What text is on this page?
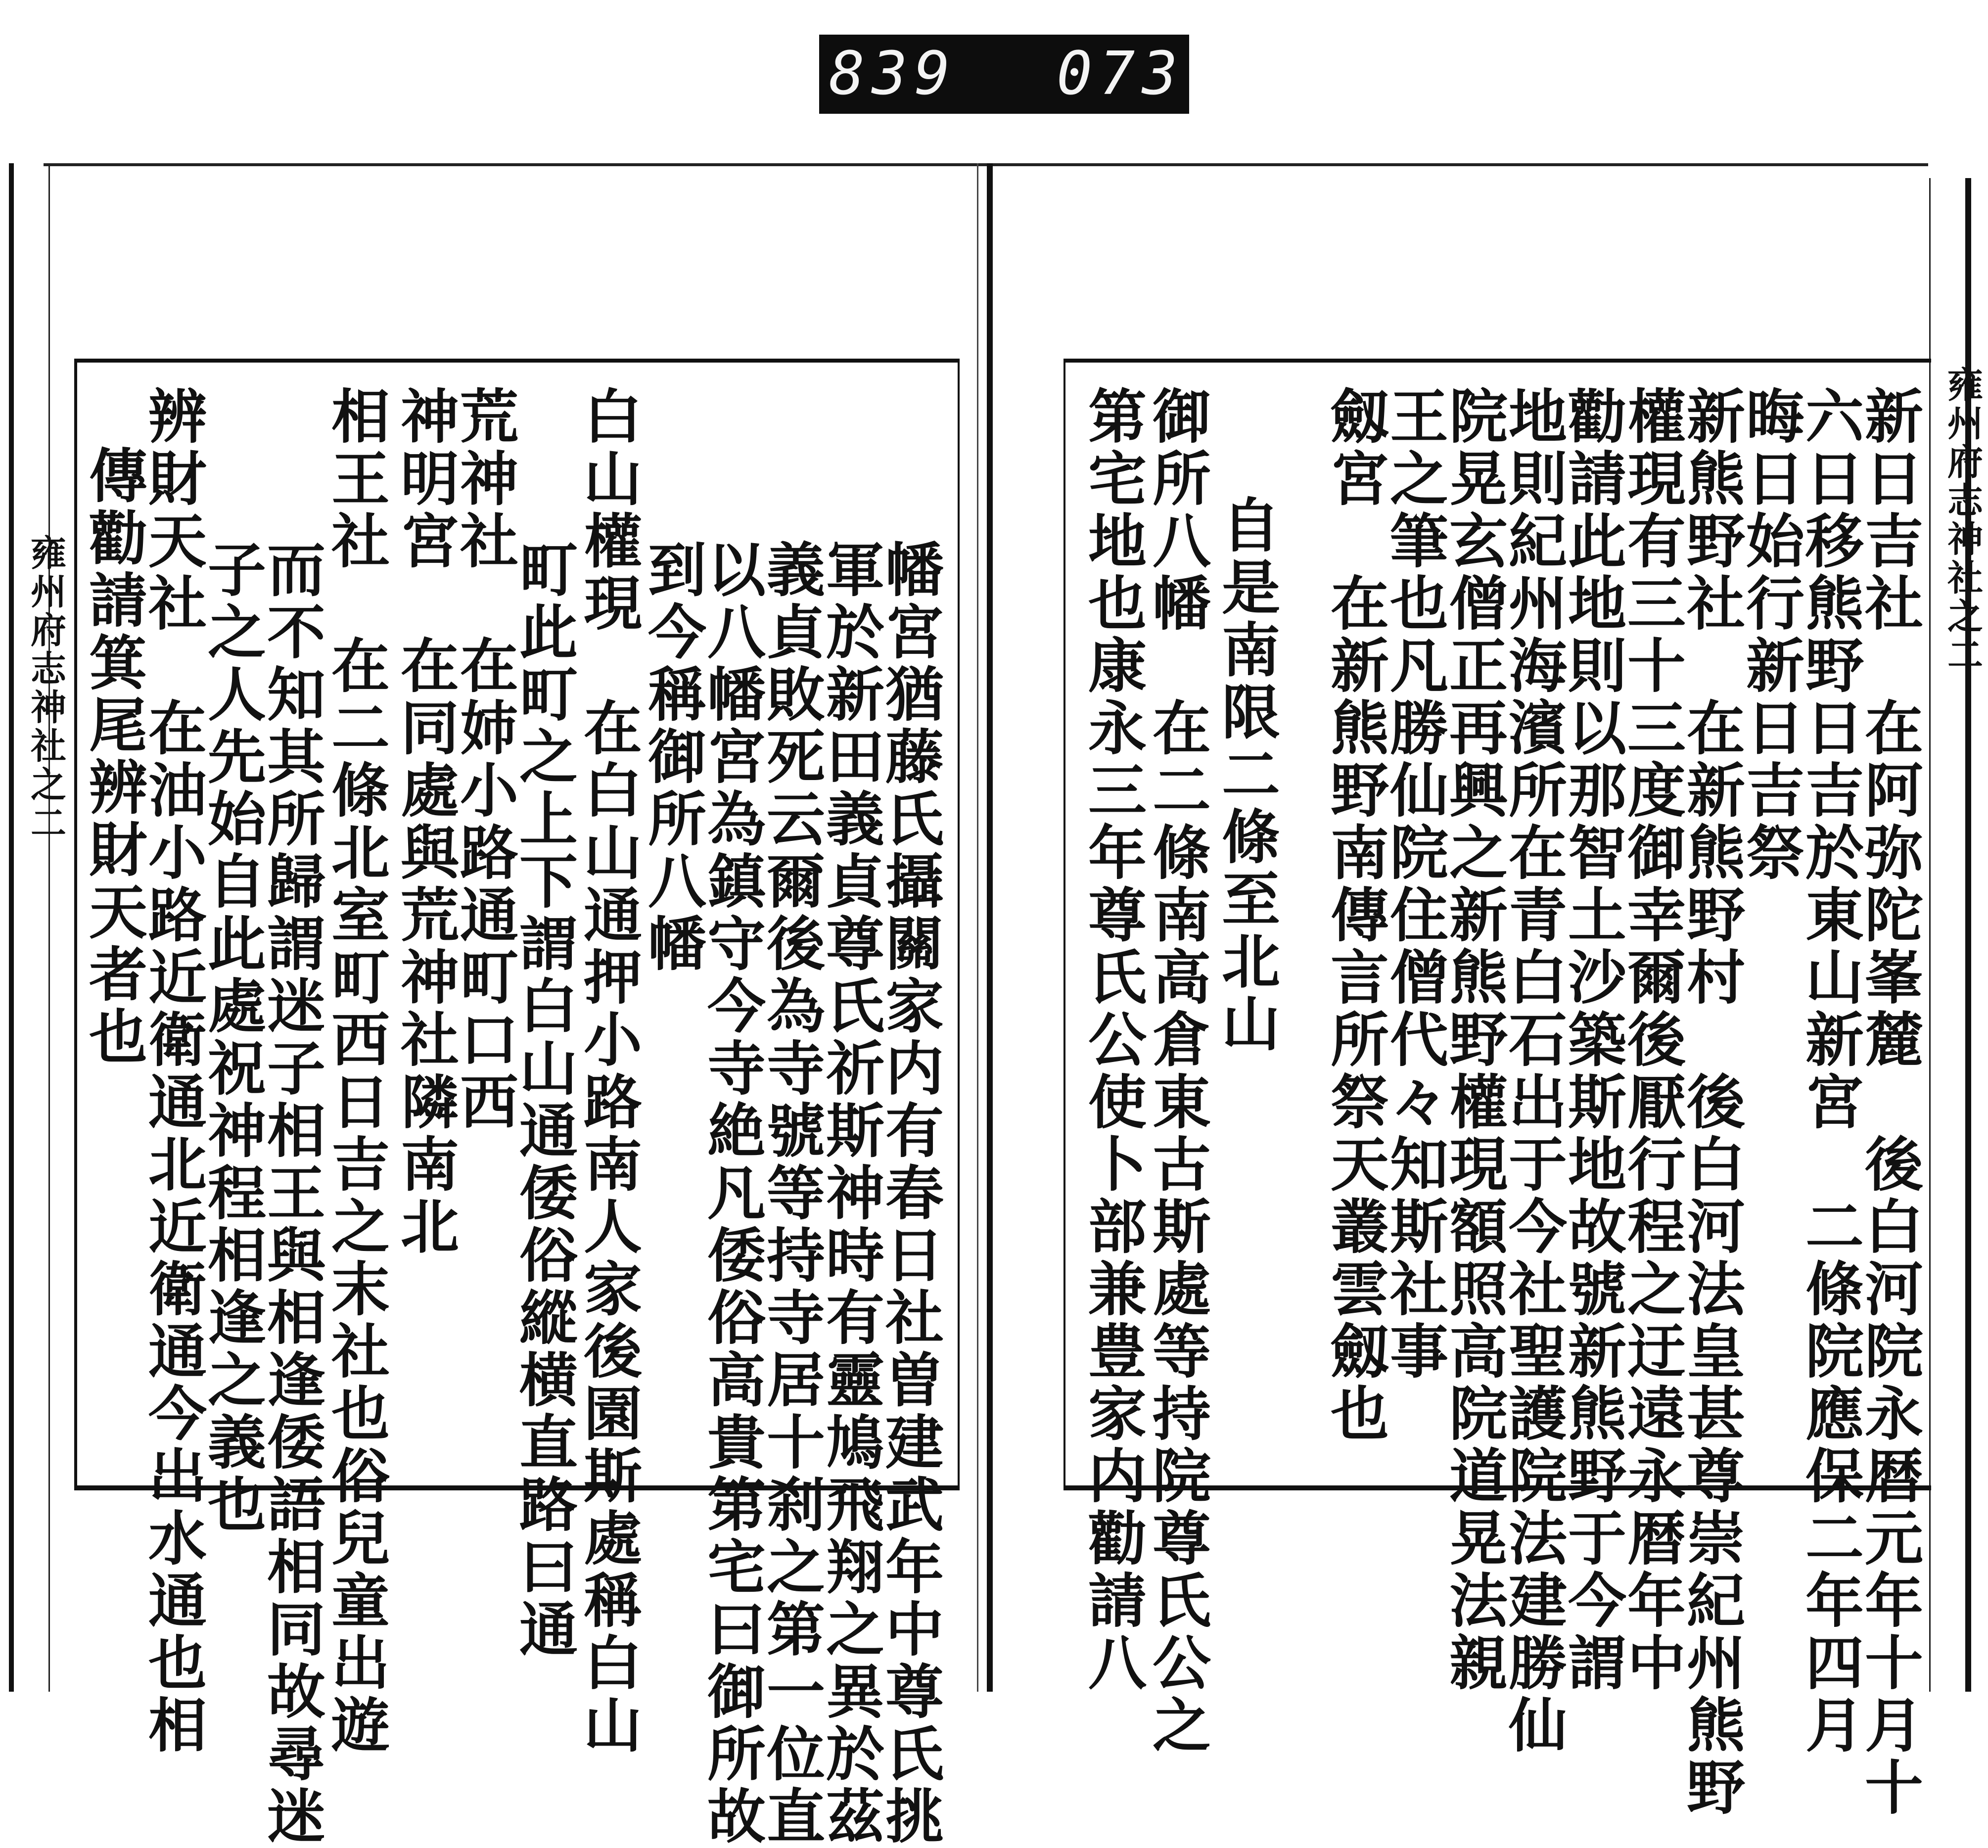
839 073
雍州府志神社之二
雍州府志神社之二
新日吉社　在阿弥陀峯麓　後白河院永暦元年十月十
六日移熊野日吉於東山新宮　二條院應保二年四月
晦日始行新日吉祭
新熊野社　在新熊野村　後白河法皇甚尊崇紀州熊野
權現有三十三度御幸爾後厭行程之迂遠永暦年中
勸請此地則以那智土沙築斯地故號新熊野于今謂
地則紀州海濱所在青白石出于今社聖護院法建勝仙
院晃玄僧正再興之新熊野權現額照高院道晃法親
王之筆也凡勝仙院住僧代々知斯社事
劔宮　在新熊野南傳言所祭天叢雲劔也
自是南限二條至北山
御所八幡　在二條南高倉東古斯處等持院尊氏公之
第宅地也康永三年尊氏公使卜部兼豊家内勸請八
幡宮猶藤氏攝關家内有春日社曽建武年中尊氏挑
軍於新田義貞尊氏祈斯神時有靈鳩飛翔之異於茲
義貞敗死云爾後為寺號等持寺居十刹之第一位直
以八幡宮為鎮守今寺絶凡倭俗高貴第宅曰御所故
到今稱御所八幡
白山權現　在白山通押小路南人家後園斯處稱白山
町此町之上下謂白山通倭俗縱横直路曰通
荒神社　在姉小路通町口西
神明宮　在同處與荒神社隣南北
相王社　在二條北室町西日吉之末社也俗兒童出遊
而不知其所歸謂迷子相王與相逢倭語相同故尋迷
子之人先始自此處祝神程相逢之義也
辨財天社　在油小路近衛通北近衛通今出水通也相
傳勸請箕尾辨財天者也
